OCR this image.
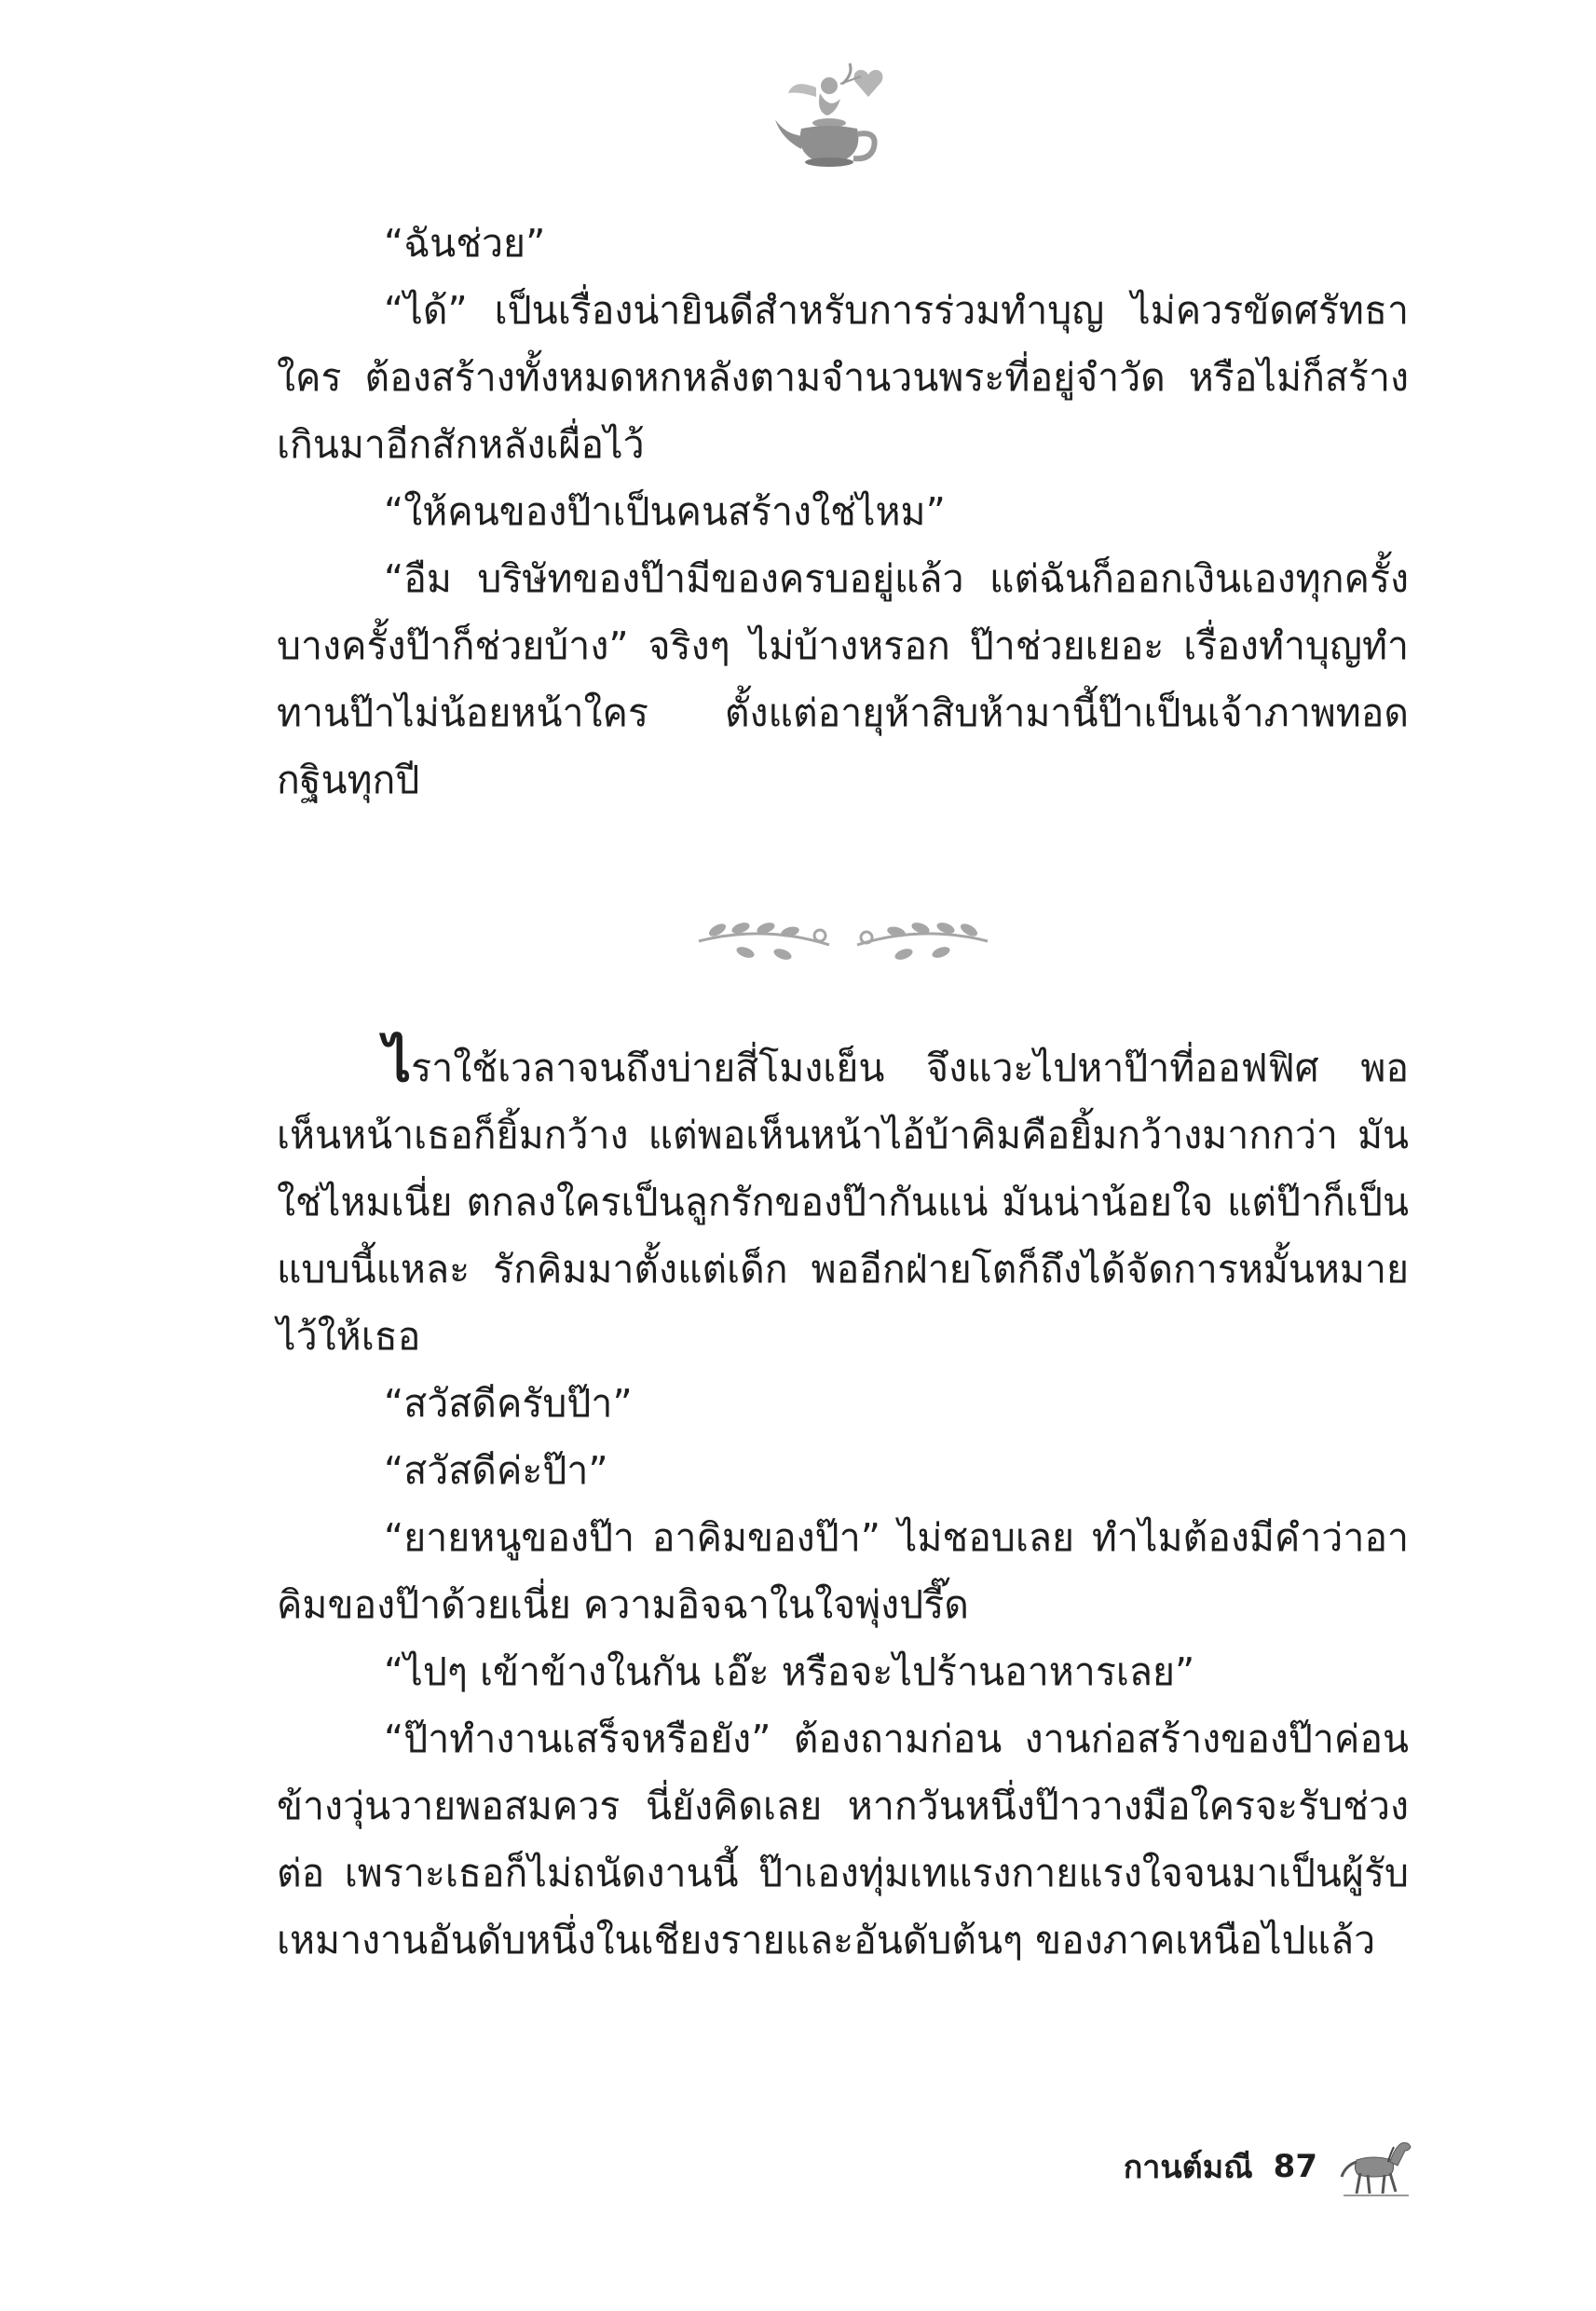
“ฉันช่วย”

“ได้” เป็นเรื่องน่ายินดีสำหรับการร่วมทำบุญ ไม่ควรขัดศรัทธาใคร ต้องสร้างทั้งหมดหกหลังตามจำนวนพระที่อยู่จำวัด หรือไม่ก็สร้างเกินมาอีกสักหลังเผื่อไว้

“ให้คนของป๊าเป็นคนสร้างใช่ไหม”

“อืม บริษัทของป๊ามีของครบอยู่แล้ว แต่ฉันก็ออกเงินเองทุกครั้ง บางครั้งป๊าก็ช่วยบ้าง” จริงๆ ไม่บ้างหรอก ป๊าช่วยเยอะ เรื่องทำบุญทำทานป๊าไม่น้อยหน้าใคร ตั้งแต่อายุห้าสิบห้ามานี้ป๊าเป็นเจ้าภาพทอดกฐินทุกปี

ไราใช้เวลาจนถึงบ่ายสี่โมงเย็น จึงแวะไปหาป๊าที่ออฟฟิศ พอเห็นหน้าเธอก็ยิ้มกว้าง แต่พอเห็นหน้าไอ้บ้าคิมคือยิ้มกว้างมากกว่า มันใช่ไหมเนี่ย ตกลงใครเป็นลูกรักของป๊ากันแน่ มันน่าน้อยใจ แต่ป๊าก็เป็นแบบนี้แหละ รักคิมมาตั้งแต่เด็ก พออีกฝ่ายโตก็ถึงได้จัดการหมั้นหมายไว้ให้เธอ

“สวัสดีครับป๊า”

“สวัสดีค่ะป๊า”

“ยายหนูของป๊า อาคิมของป๊า” ไม่ชอบเลย ทำไมต้องมีคำว่าอาคิมของป๊าด้วยเนี่ย ความอิจฉาในใจพุ่งปรี๊ด

“ไปๆ เข้าข้างในกัน เอ๊ะ หรือจะไปร้านอาหารเลย”

“ป๊าทำงานเสร็จหรือยัง” ต้องถามก่อน งานก่อสร้างของป๊าค่อนข้างวุ่นวายพอสมควร นี่ยังคิดเลย หากวันหนึ่งป๊าวางมือใครจะรับช่วงต่อ เพราะเธอก็ไม่ถนัดงานนี้ ป๊าเองทุ่มเทแรงกายแรงใจจนมาเป็นผู้รับเหมางานอันดับหนึ่งในเชียงรายและอันดับต้นๆ ของภาคเหนือไปแล้ว

กานต์มณี 87
